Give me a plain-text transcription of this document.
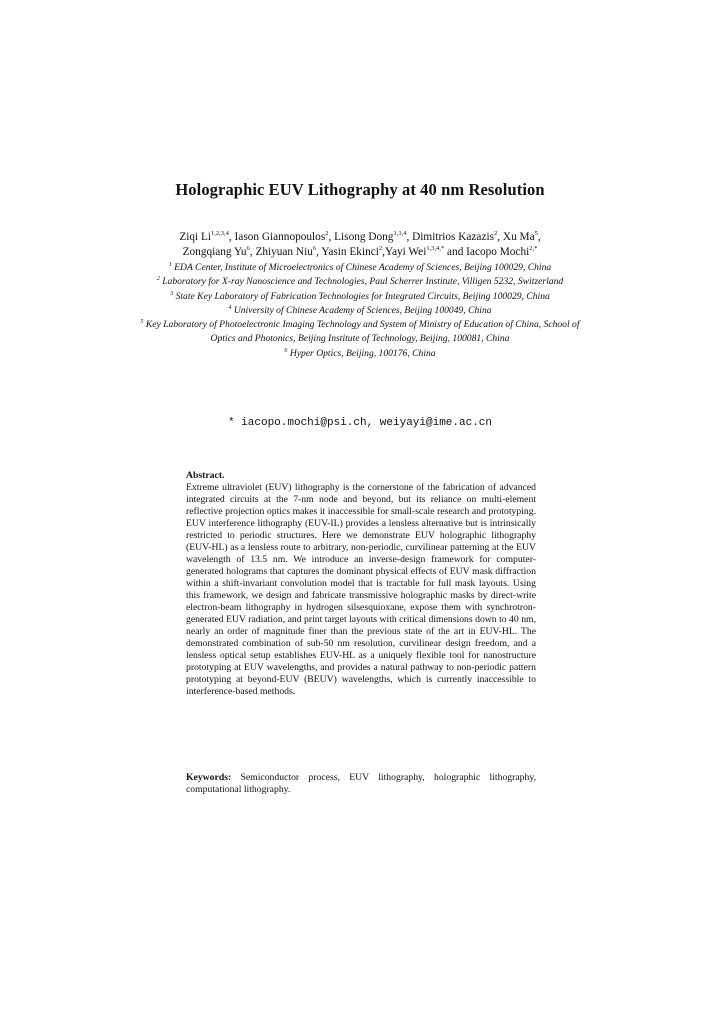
Holographic EUV Lithography at 40 nm Resolution
Ziqi Li$^{1,2,3,4}$, Iason Giannopoulos$^2$, Lisong Dong$^{1,3,4}$, Dimitrios Kazazis$^2$, Xu Ma$^5$,
Zongqiang Yu$^6$, Zhiyuan Niu$^6$, Yasin Ekinci$^2$,Yayi Wei$^{1,3,4,*}$ and Iacopo Mochi$^{2,*}$
$^1$ EDA Center, Institute of Microelectronics of Chinese Academy of Sciences, Beijing 100029, China
$^2$ Laboratory for X-ray Nanoscience and Technologies, Paul Scherrer Institute, Villigen 5232, Switzerland
$^3$ State Key Laboratory of Fabrication Technologies for Integrated Circuits, Beijing 100029, China
$^4$ University of Chinese Academy of Sciences, Beijing 100049, China
$^5$ Key Laboratory of Photoelectronic Imaging Technology and System of Ministry of Education of China, School of Optics and Photonics, Beijing Institute of Technology, Beijing, 100081, China
$^6$ Hyper Optics, Beijing, 100176, China
* iacopo.mochi@psi.ch, weiyayi@ime.ac.cn
Abstract.
Extreme ultraviolet (EUV) lithography is the cornerstone of the fabrication of advanced integrated circuits at the 7-nm node and beyond, but its reliance on multi-element reflective projection optics makes it inaccessible for small-scale research and prototyping. EUV interference lithography (EUV-IL) provides a lensless alternative but is intrinsically restricted to periodic structures. Here we demonstrate EUV holographic lithography (EUV-HL) as a lensless route to arbitrary, non-periodic, curvilinear patterning at the EUV wavelength of 13.5 nm. We introduce an inverse-design framework for computer-generated holograms that captures the dominant physical effects of EUV mask diffraction within a shift-invariant convolution model that is tractable for full mask layouts. Using this framework, we design and fabricate transmissive holographic masks by direct-write electron-beam lithography in hydrogen silsesquioxane, expose them with synchrotron-generated EUV radiation, and print target layouts with critical dimensions down to 40 nm, nearly an order of magnitude finer than the previous state of the art in EUV-HL. The demonstrated combination of sub-50 nm resolution, curvilinear design freedom, and a lensless optical setup establishes EUV-HL as a uniquely flexible tool for nanostructure prototyping at EUV wavelengths, and provides a natural pathway to non-periodic pattern prototyping at beyond-EUV (BEUV) wavelengths, which is currently inaccessible to interference-based methods.
Keywords: Semiconductor process, EUV lithography, holographic lithography, computational lithography.
